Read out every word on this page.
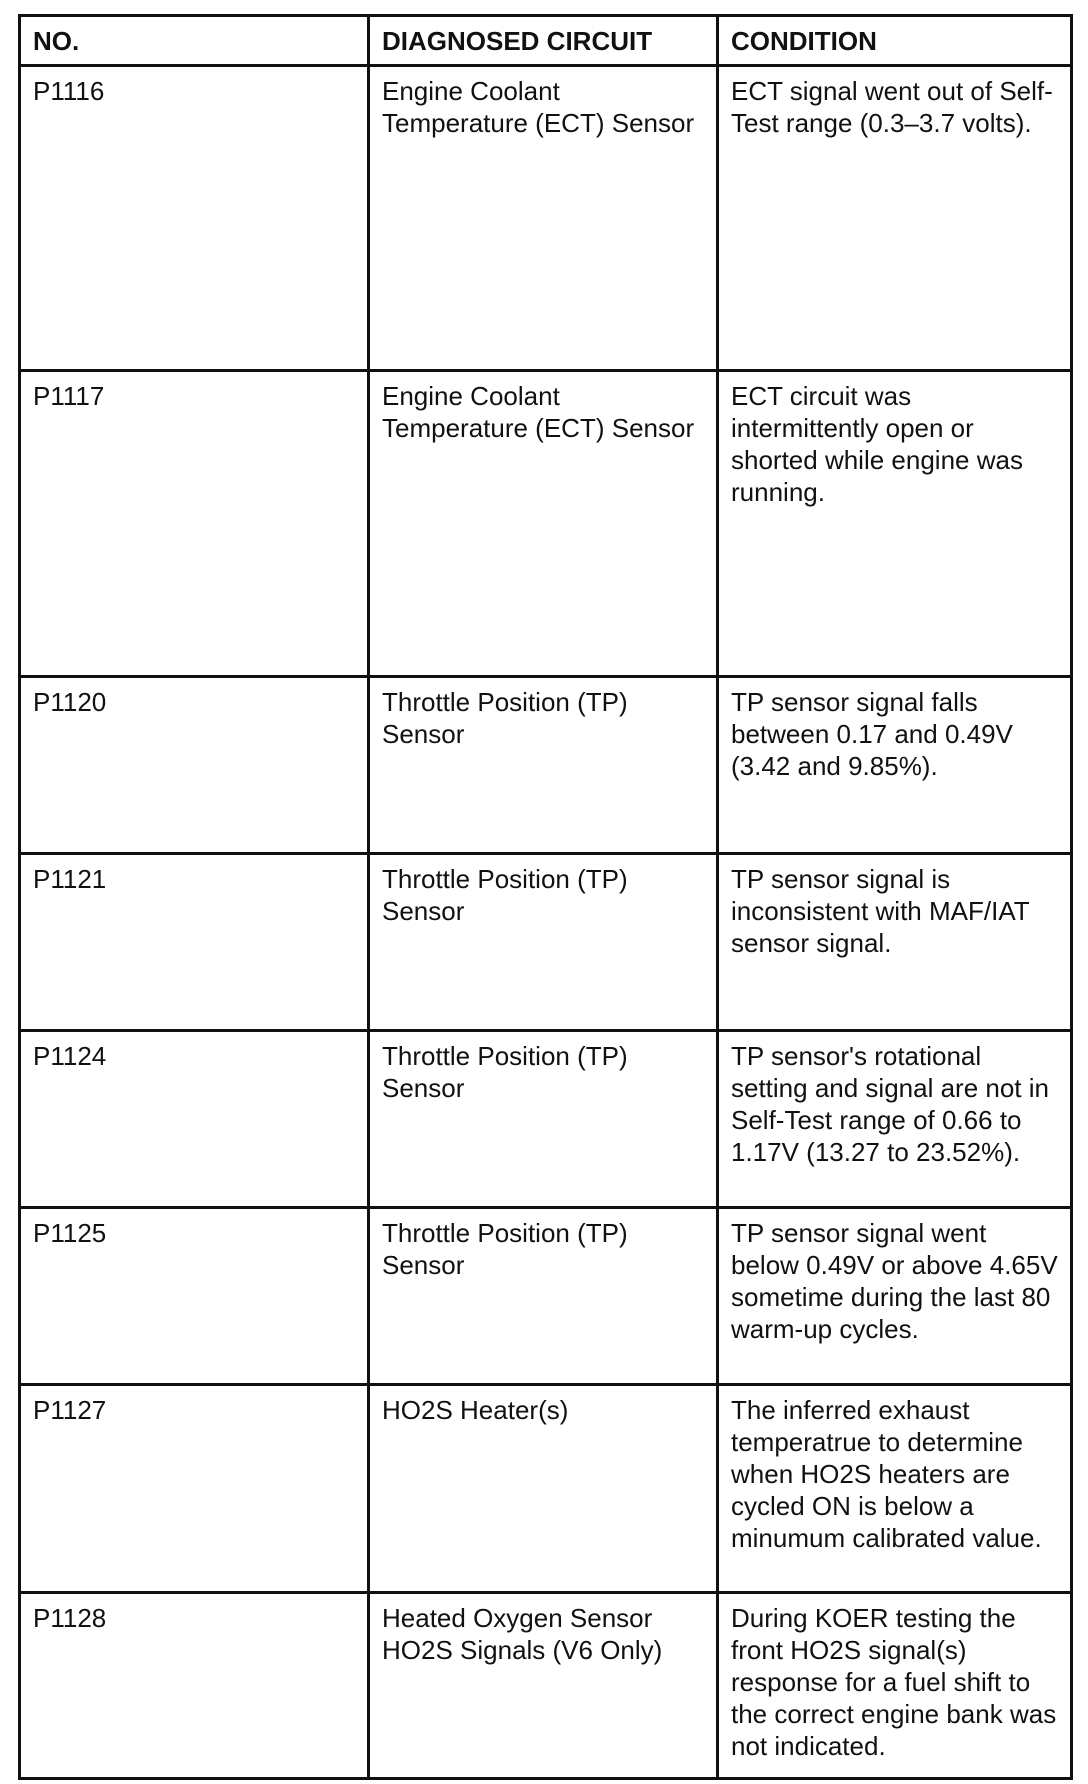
NO.	DIAGNOSED CIRCUIT	CONDITION
P1116	Engine Coolant Temperature (ECT) Sensor	ECT signal went out of Self-Test range (0.3–3.7 volts).
P1117	Engine Coolant Temperature (ECT) Sensor	ECT circuit was intermittently open or shorted while engine was running.
P1120	Throttle Position (TP) Sensor	TP sensor signal falls between 0.17 and 0.49V (3.42 and 9.85%).
P1121	Throttle Position (TP) Sensor	TP sensor signal is inconsistent with MAF/IAT sensor signal.
P1124	Throttle Position (TP) Sensor	TP sensor's rotational setting and signal are not in Self-Test range of 0.66 to 1.17V (13.27 to 23.52%).
P1125	Throttle Position (TP) Sensor	TP sensor signal went below 0.49V or above 4.65V sometime during the last 80 warm-up cycles.
P1127	HO2S Heater(s)	The inferred exhaust temperatrue to determine when HO2S heaters are cycled ON is below a minumum calibrated value.
P1128	Heated Oxygen Sensor HO2S Signals (V6 Only)	During KOER testing the front HO2S signal(s) response for a fuel shift to the correct engine bank was not indicated.
